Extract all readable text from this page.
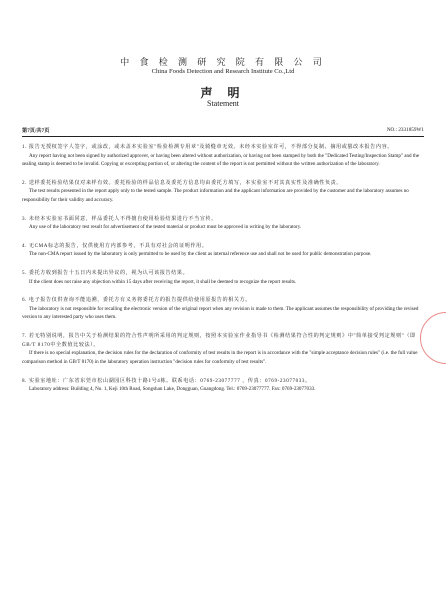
中 食 检 测 研 究 院 有 限 公 司
China Foods Detection and Research Institute Co.,Ltd
声 明
Statement
第7页/共7页	NO.: 2331859W1
1. 报告无授权签字人签字，或涂改，或未盖本实验室"检验检测专用章"及骑缝章无效。未经本实验室许可，不得部分复制、摘用或篡改本报告内容。
Any report having not been signed by authorized approver, or having been altered without authorization, or having not been stamped by both the "Dedicated Testing/Inspection Stamp" and the sealing stamp is deemed to be invalid. Copying or excerpting portion of, or altering the content of the report is not permitted without the written authorization of the laboratory.
2. 送样委托检验结果仅对来样有效。委托检验的样品信息及委托方信息均由委托方填写，本实验室不对其真实性及准确性负责。
The test results presented in the report apply only to the tested sample. The product information and the applicant information are provided by the customer and the laboratory assumes no responsibility for their validity and accuracy.
3. 未经本实验室书面同意，样品委托人不得擅自使用检验结果进行不当宣传。
Any use of the laboratory test result for advertisement of the tested material or product must be approved in writing by the laboratory.
4. 无CMA标志的报告，仅供使用方内部参考，不具有对社会的证明作用。
The non-CMA report issued by the laboratory is only permitted to be used by the client as internal reference use and shall not be used for public demonstration purpose.
5. 委托方收到报告十五日内未提出异议的，视为认可该报告结果。
If the client does not raise any objection within 15 days after receiving the report, it shall be deemed to recognize the report results.
6. 电子报告仅供查询不能追溯，委托方有义务将委托方的报告提供给使用原报告的相关方。
The laboratory is not responsible for recalling the electronic version of the original report when any revision is made to them. The applicant assumes the responsibility of providing the revised version to any interested party who uses them.
7. 若无特别说明，报告中关于检测结果的符合性声明所采用的判定规则，按照本实验室作业指导书《检测结果符合性的判定规则》中"简单接受判定规则"（即GB/T 8170中全数值比较法）。
If there is no special explanation, the decision rules for the declaration of conformity of test results in the report is in accordance with the "simple acceptance decision rules" (i.e. the full value comparison method in GB/T 8170) in the laboratory operation instruction "decision rules for conformity of test results".
8. 实验室地址：广东省东莞市松山湖园区科技十路1号4栋。联系电话：0769-23077777 ，传真：0769-23077033。
Laboratory address: Building 4, No. 1, Keji 10th Road, Songshan Lake, Dongguan, Guangdong. Tel.: 0769-23077777. Fax: 0769-23077033.
